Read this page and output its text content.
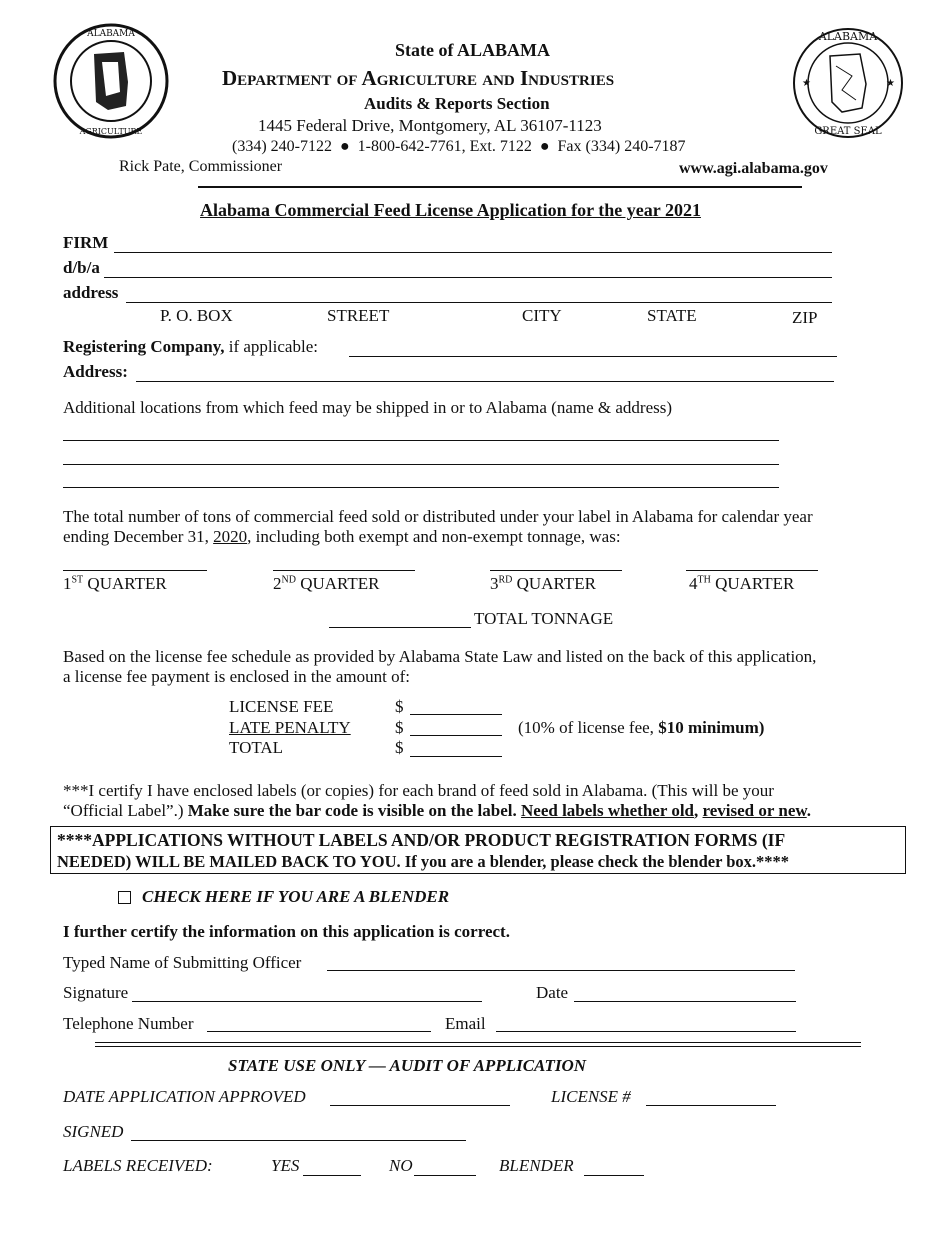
ALABAMA
AGRICULTURE
ALABAMA
GREAT SEAL
★	★
State of ALABAMA
Department of Agriculture and Industries
Audits & Reports Section
1445 Federal Drive, Montgomery, AL 36107-1123
(334) 240-7122  ●  1-800-642-7761, Ext. 7122  ●  Fax (334) 240-7187
Rick Pate, Commissioner	www.agi.alabama.gov
Alabama Commercial Feed License Application for the year 2021
FIRM
d/b/a
address
P. O. BOX	STREET	CITY	STATE	ZIP
Registering Company, if applicable:
Address:
Additional locations from which feed may be shipped in or to Alabama (name & address)
The total number of tons of commercial feed sold or distributed under your label in Alabama for calendar year
ending December 31, 2020, including both exempt and non-exempt tonnage, was:
1ST QUARTER	2ND QUARTER	3RD QUARTER	4TH QUARTER
TOTAL TONNAGE
Based on the license fee schedule as provided by Alabama State Law and listed on the back of this application,
a license fee payment is enclosed in the amount of:
LICENSE FEE	$
LATE PENALTY	$	(10% of license fee, $10 minimum)
TOTAL	$
***I certify I have enclosed labels (or copies) for each brand of feed sold in Alabama. (This will be your
“Official Label”.) Make sure the bar code is visible on the label. Need labels whether old, revised or new.
****APPLICATIONS WITHOUT LABELS AND/OR PRODUCT REGISTRATION FORMS (IF
NEEDED) WILL BE MAILED BACK TO YOU. If you are a blender, please check the blender box.****
CHECK HERE IF YOU ARE A BLENDER
I further certify the information on this application is correct.
Typed Name of Submitting Officer
Signature	Date
Telephone Number	Email
STATE USE ONLY — AUDIT OF APPLICATION
DATE APPLICATION APPROVED	LICENSE #
SIGNED
LABELS RECEIVED:	YES	NO	BLENDER
